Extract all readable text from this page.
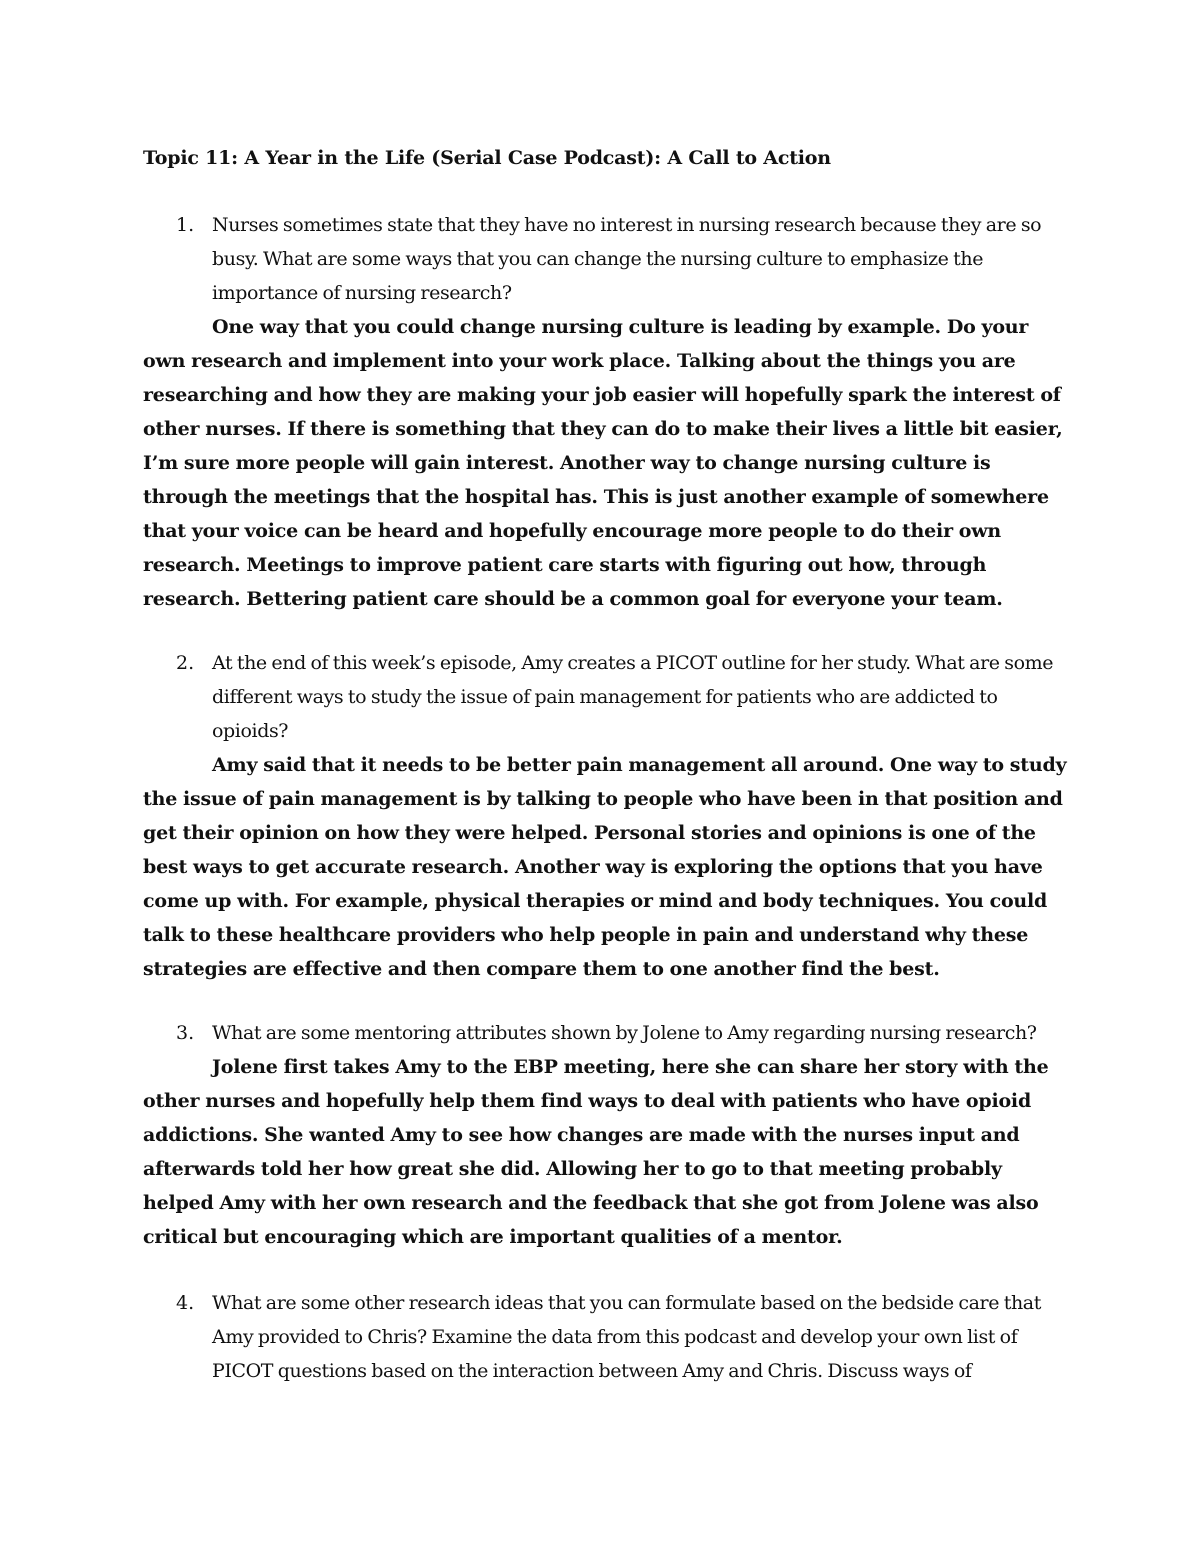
Topic 11: A Year in the Life (Serial Case Podcast): A Call to Action
1. Nurses sometimes state that they have no interest in nursing research because they are so busy. What are some ways that you can change the nursing culture to emphasize the importance of nursing research?
One way that you could change nursing culture is leading by example. Do your own research and implement into your work place. Talking about the things you are researching and how they are making your job easier will hopefully spark the interest of other nurses. If there is something that they can do to make their lives a little bit easier, I’m sure more people will gain interest. Another way to change nursing culture is through the meetings that the hospital has. This is just another example of somewhere that your voice can be heard and hopefully encourage more people to do their own research. Meetings to improve patient care starts with figuring out how, through research. Bettering patient care should be a common goal for everyone your team.
2. At the end of this week’s episode, Amy creates a PICOT outline for her study. What are some different ways to study the issue of pain management for patients who are addicted to opioids?
Amy said that it needs to be better pain management all around. One way to study the issue of pain management is by talking to people who have been in that position and get their opinion on how they were helped. Personal stories and opinions is one of the best ways to get accurate research. Another way is exploring the options that you have come up with. For example, physical therapies or mind and body techniques. You could talk to these healthcare providers who help people in pain and understand why these strategies are effective and then compare them to one another find the best.
3. What are some mentoring attributes shown by Jolene to Amy regarding nursing research?
Jolene first takes Amy to the EBP meeting, here she can share her story with the other nurses and hopefully help them find ways to deal with patients who have opioid addictions. She wanted Amy to see how changes are made with the nurses input and afterwards told her how great she did. Allowing her to go to that meeting probably helped Amy with her own research and the feedback that she got from Jolene was also critical but encouraging which are important qualities of a mentor.
4. What are some other research ideas that you can formulate based on the bedside care that Amy provided to Chris? Examine the data from this podcast and develop your own list of PICOT questions based on the interaction between Amy and Chris. Discuss ways of
